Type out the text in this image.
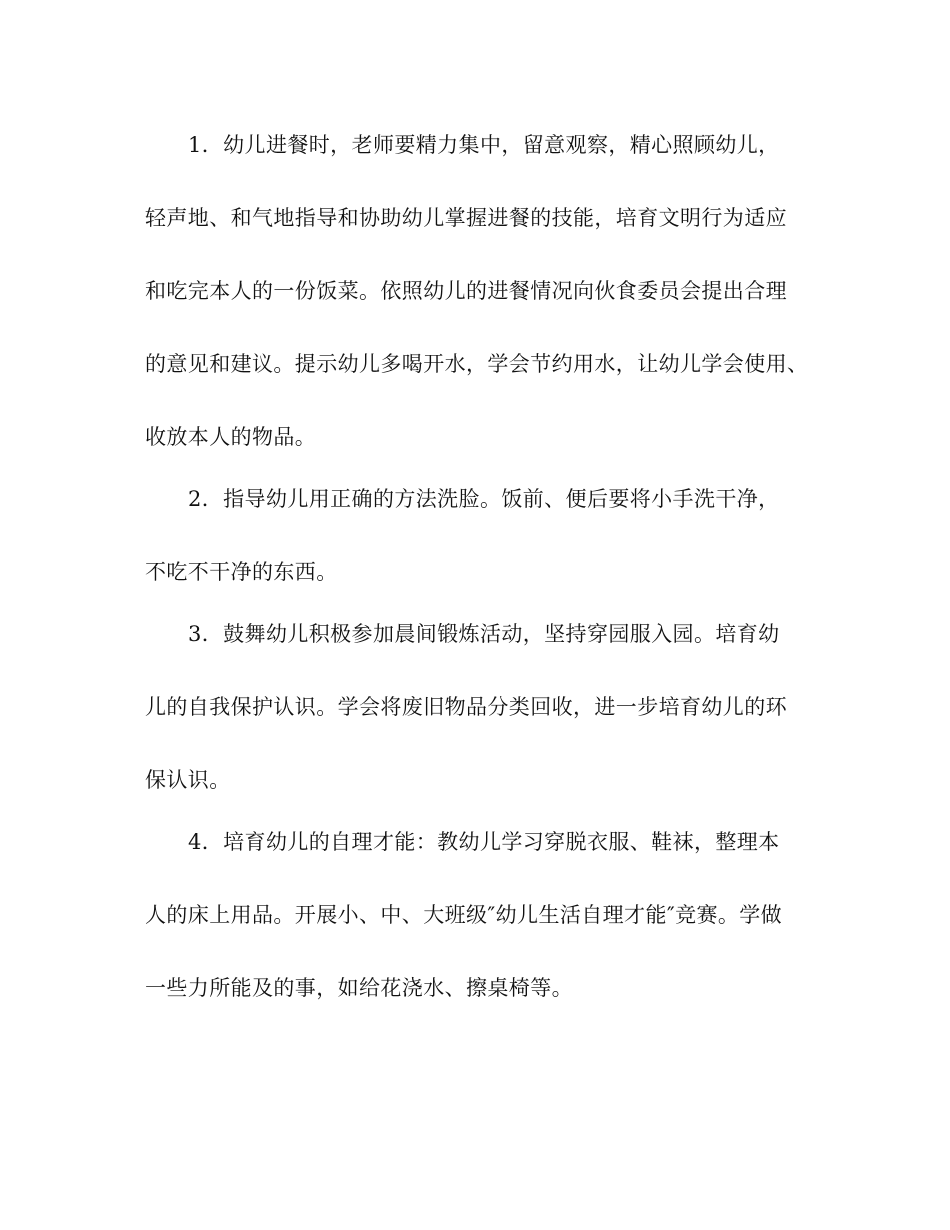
1．幼儿进餐时，老师要精力集中，留意观察，精心照顾幼儿，
轻声地、和气地指导和协助幼儿掌握进餐的技能，培育文明行为适应
和吃完本人的一份饭菜。依照幼儿的进餐情况向伙食委员会提出合理
的意见和建议。提示幼儿多喝开水，学会节约用水，让幼儿学会使用、
收放本人的物品。
2．指导幼儿用正确的方法洗脸。饭前、便后要将小手洗干净，
不吃不干净的东西。
3．鼓舞幼儿积极参加晨间锻炼活动，坚持穿园服入园。培育幼
儿的自我保护认识。学会将废旧物品分类回收，进一步培育幼儿的环
保认识。
4．培育幼儿的自理才能：教幼儿学习穿脱衣服、鞋袜，整理本
人的床上用品。开展小、中、大班级″幼儿生活自理才能″竞赛。学做
一些力所能及的事，如给花浇水、擦桌椅等。
